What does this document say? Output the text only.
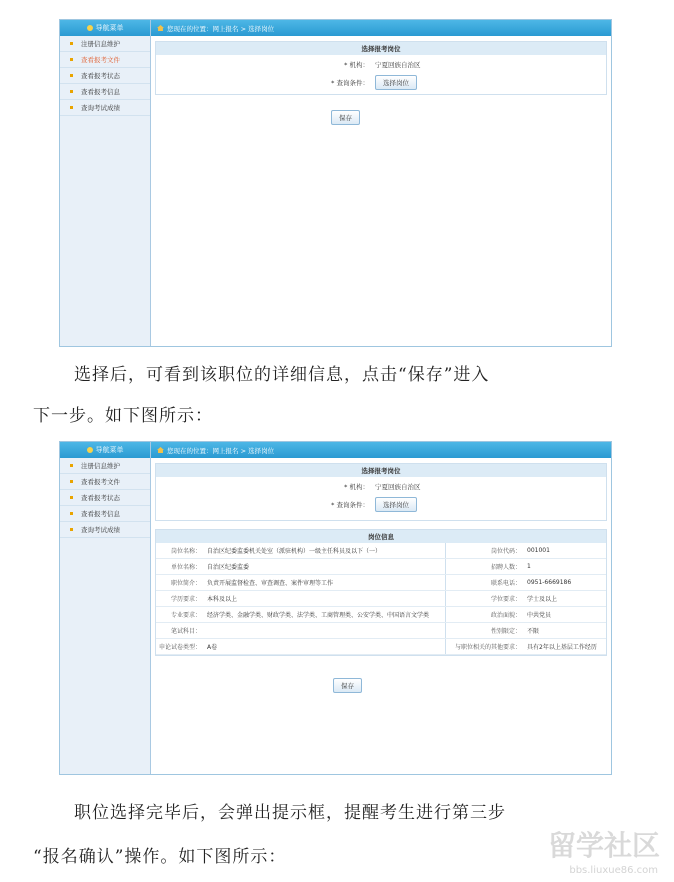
导航菜单
注册信息维护
查看报考文件
查看报考状态
查看报考信息
查询考试成绩
您现在的位置：网上报名 > 选择岗位
选择报考岗位
* 机构： 宁夏回族自治区
* 查询条件：	选择岗位
保存
选择后，可看到该职位的详细信息，点击“保存”进入
下一步。如下图所示：
导航菜单
注册信息维护
查看报考文件
查看报考状态
查看报考信息
查询考试成绩
您现在的位置：网上报名 > 选择岗位
选择报考岗位
* 机构： 宁夏回族自治区
* 查询条件：	选择岗位
岗位信息
岗位名称：	自治区纪委监委机关处室（派驻机构）一级主任科员及以下（一）	岗位代码：	001001
单位名称：	自治区纪委监委	招聘人数：	1
职位简介：	负责开展监督检查、审查调查、案件审理等工作	联系电话：	0951-6669186
学历要求：	本科及以上	学位要求：	学士及以上
专业要求：	经济学类、金融学类、财政学类、法学类、工商管理类、公安学类、中国语言文学类	政治面貌：	中共党员
笔试科目：		性别限定：	不限
申论试卷类型：	A卷	与职位相关的其他要求：	具有2年以上基层工作经历
保存
职位选择完毕后，会弹出提示框，提醒考生进行第三步
“报名确认”操作。如下图所示：	留学社区
bbs.liuxue86.com
